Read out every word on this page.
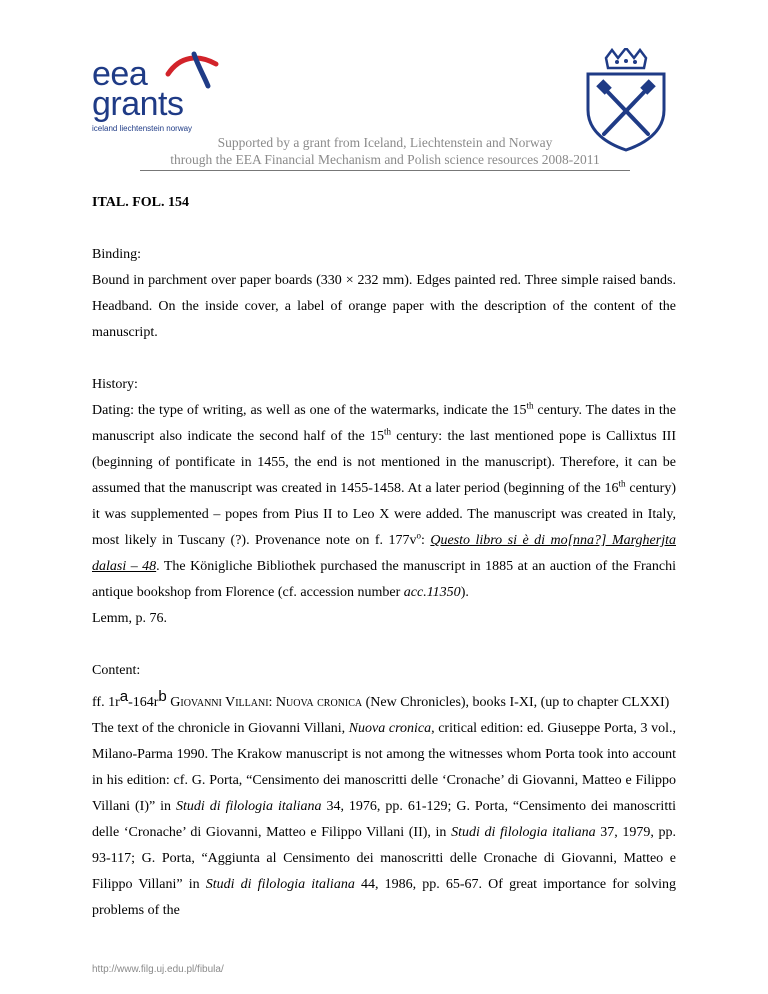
eea
grants
iceland liechtenstein norway
Supported by a grant from Iceland, Liechtenstein and Norway
through the EEA Financial Mechanism and Polish science resources 2008-2011

ITAL. FOL. 154

Binding:

Bound in parchment over paper boards (330 × 232 mm). Edges painted red. Three simple raised bands. Headband. On the inside cover, a label of orange paper with the description of the content of the manuscript.

History:

Dating: the type of writing, as well as one of the watermarks, indicate the 15th century. The dates in the manuscript also indicate the second half of the 15th century: the last mentioned pope is Callixtus III (beginning of pontificate in 1455, the end is not mentioned in the manuscript). Therefore, it can be assumed that the manuscript was created in 1455-1458. At a later period (beginning of the 16th century) it was supplemented – popes from Pius II to Leo X were added. The manuscript was created in Italy, most likely in Tuscany (?). Provenance note on f. $177v^o$: Questo libro si è di mo[nna?] Margherjta dalasi – 48. The Königliche Bibliothek purchased the manuscript in 1885 at an auction of the Franchi antique bookshop from Florence (cf. accession number acc.11350).

Lemm, p. 76.

Content:

ff. 1ra-164rb Giovanni Villani: Nuova cronica (New Chronicles), books I-XI, (up to chapter CLXXI)

The text of the chronicle in Giovanni Villani, Nuova cronica, critical edition: ed. Giuseppe Porta, 3 vol., Milano-Parma 1990. The Krakow manuscript is not among the witnesses whom Porta took into account in his edition: cf. G. Porta, “Censimento dei manoscritti delle ‘Cronache’ di Giovanni, Matteo e Filippo Villani (I)” in Studi di filologia italiana 34, 1976, pp. 61-129; G. Porta, “Censimento dei manoscritti delle ‘Cronache’ di Giovanni, Matteo e Filippo Villani (II), in Studi di filologia italiana 37, 1979, pp. 93-117; G. Porta, “Aggiunta al Censimento dei manoscritti delle Cronache di Giovanni, Matteo e Filippo Villani” in Studi di filologia italiana 44, 1986, pp. 65-67. Of great importance for solving problems of the

http://www.filg.uj.edu.pl/fibula/
